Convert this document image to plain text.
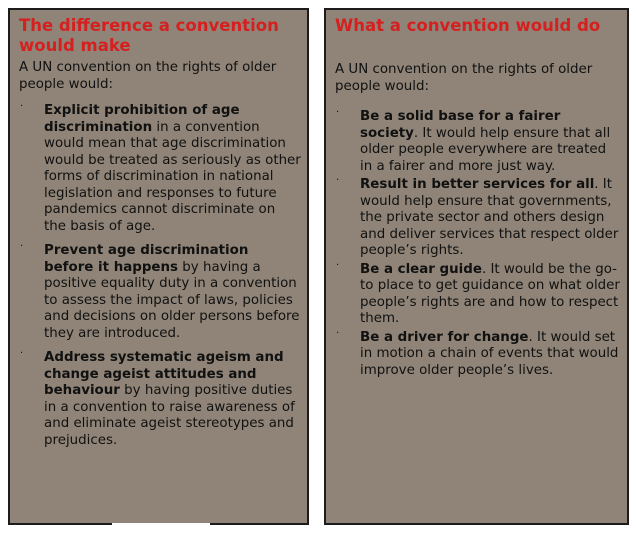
The difference a convention would make

A UN convention on the rights of older people would:

· Explicit prohibition of age discrimination in a convention would mean that age discrimination would be treated as seriously as other forms of discrimination in national legislation and responses to future pandemics cannot discriminate on the basis of age.
· Prevent age discrimination before it happens by having a positive equality duty in a convention to assess the impact of laws, policies and decisions on older persons before they are introduced.
· Address systematic ageism and change ageist attitudes and behaviour by having positive duties in a convention to raise awareness of and eliminate ageist stereotypes and prejudices.
What a convention would do

A UN convention on the rights of older people would:

· Be a solid base for a fairer society. It would help ensure that all older people everywhere are treated in a fairer and more just way.
· Result in better services for all. It would help ensure that governments, the private sector and others design and deliver services that respect older people’s rights.
· Be a clear guide. It would be the go-to place to get guidance on what older people’s rights are and how to respect them.
· Be a driver for change. It would set in motion a chain of events that would improve older people’s lives.
